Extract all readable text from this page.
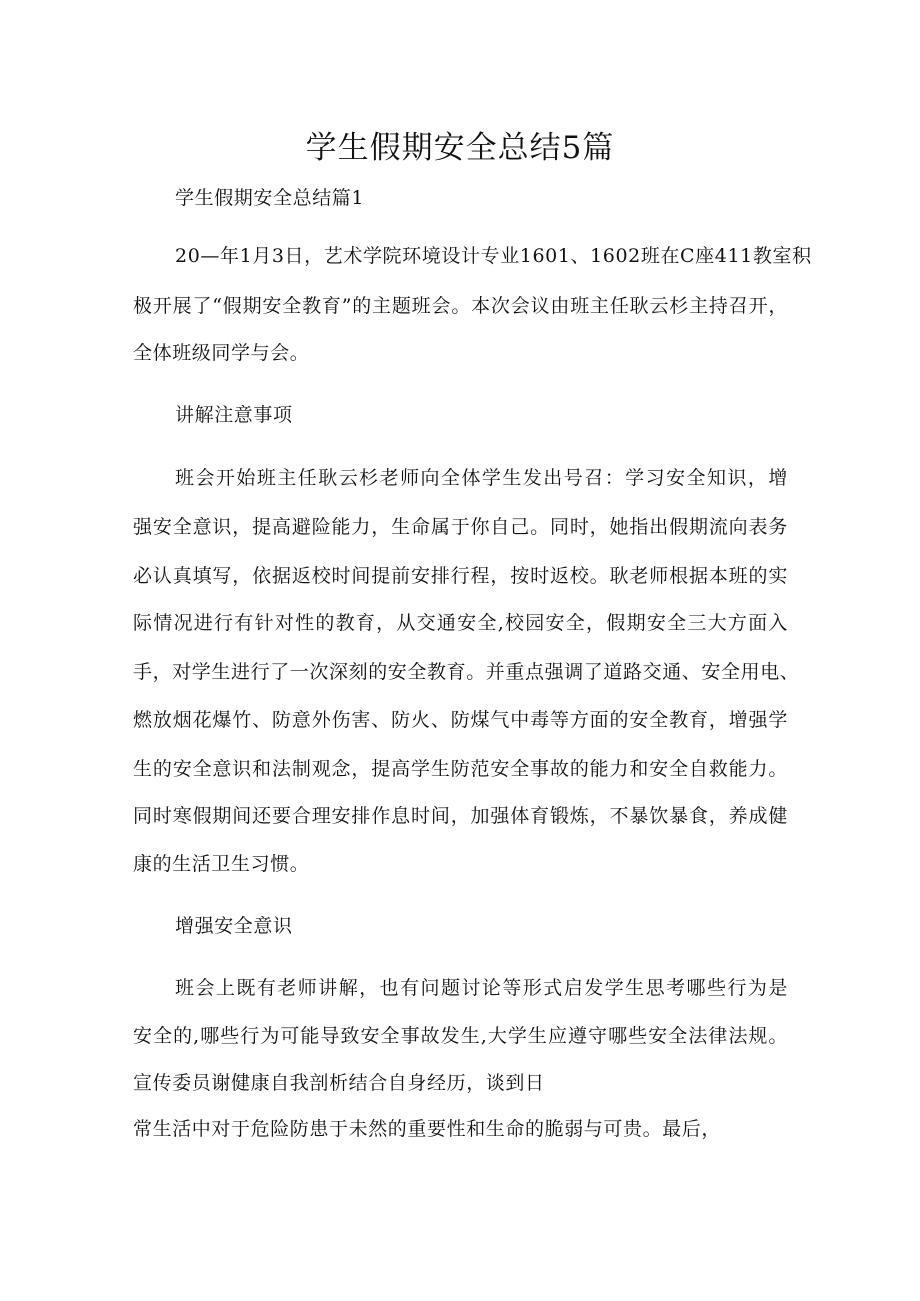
学生假期安全总结5篇

学生假期安全总结篇1

20—年1月3日，艺术学院环境设计专业1601、1602班在C座411教室积

极开展了“假期安全教育”的主题班会。本次会议由班主任耿云杉主持召开，

全体班级同学与会。

讲解注意事项

班会开始班主任耿云杉老师向全体学生发出号召：学习安全知识，增

强安全意识，提高避险能力，生命属于你自己。同时，她指出假期流向表务

必认真填写，依据返校时间提前安排行程，按时返校。耿老师根据本班的实

际情况进行有针对性的教育，从交通安全,校园安全，假期安全三大方面入

手，对学生进行了一次深刻的安全教育。并重点强调了道路交通、安全用电、

燃放烟花爆竹、防意外伤害、防火、防煤气中毒等方面的安全教育，增强学

生的安全意识和法制观念，提高学生防范安全事故的能力和安全自救能力。

同时寒假期间还要合理安排作息时间，加强体育锻炼，不暴饮暴食，养成健

康的生活卫生习惯。

增强安全意识

班会上既有老师讲解，也有问题讨论等形式启发学生思考哪些行为是

安全的,哪些行为可能导致安全事故发生,大学生应遵守哪些安全法律法规。

宣传委员谢健康自我剖析结合自身经历，谈到日

常生活中对于危险防患于未然的重要性和生命的脆弱与可贵。最后，
